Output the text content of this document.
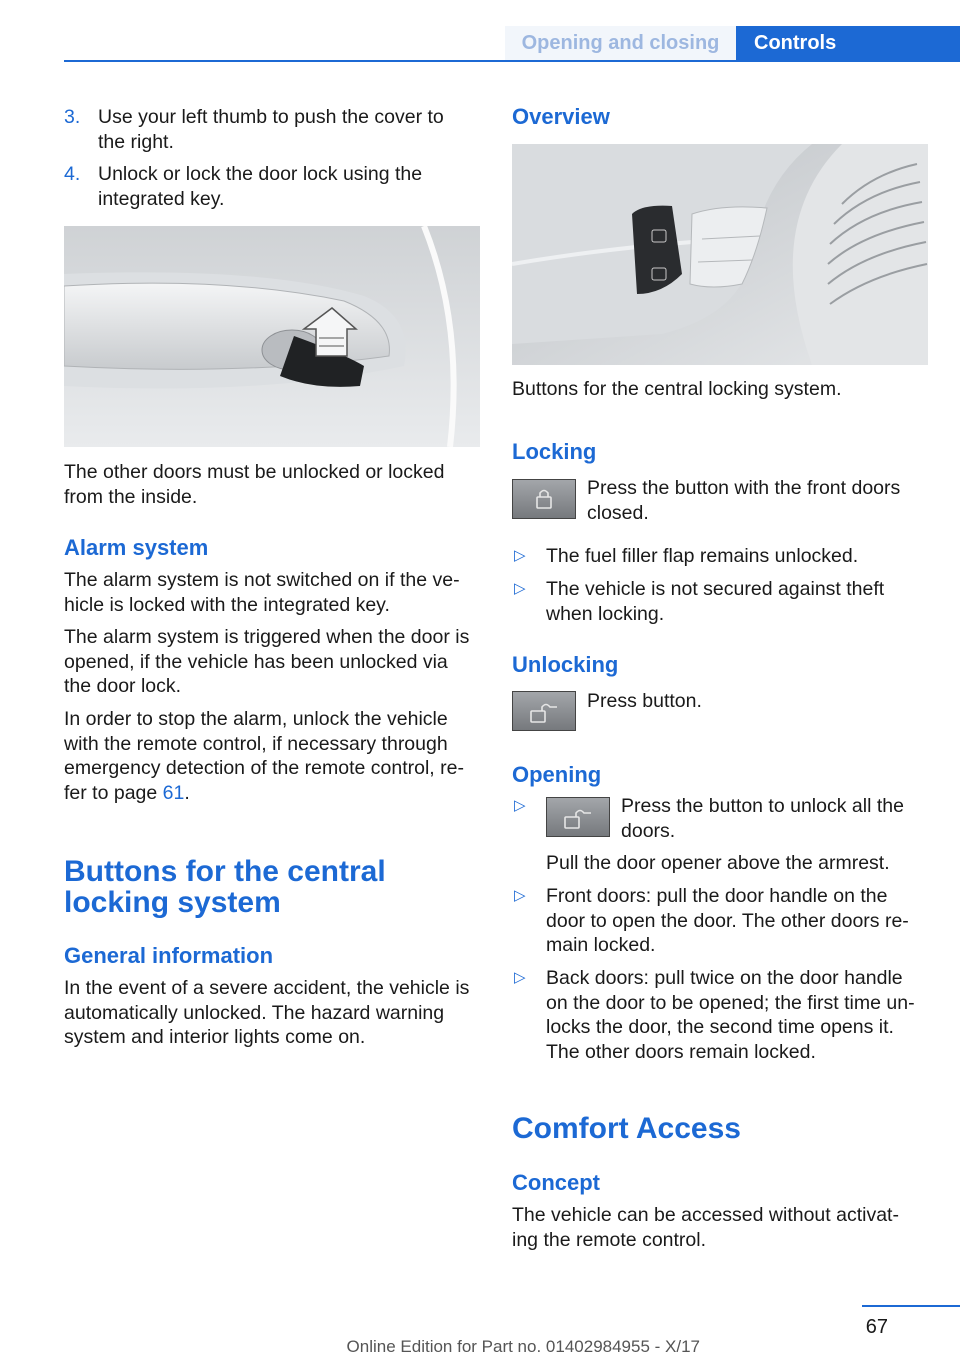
Opening and closing	Controls
3. Use your left thumb to push the cover to
the right.
4. Unlock or lock the door lock using the
integrated key.
The other doors must be unlocked or locked
from the inside.
Alarm system
The alarm system is not switched on if the ve‐
hicle is locked with the integrated key.
The alarm system is triggered when the door is
opened, if the vehicle has been unlocked via
the door lock.
In order to stop the alarm, unlock the vehicle
with the remote control, if necessary through
emergency detection of the remote control, re‐
fer to page 61.
Buttons for the central
locking system
General information
In the event of a severe accident, the vehicle is
automatically unlocked. The hazard warning
system and interior lights come on.
Overview
Buttons for the central locking system.
Locking
Press the button with the front doors
closed.
▷ The fuel filler flap remains unlocked.
▷ The vehicle is not secured against theft
when locking.
Unlocking
Press button.
Opening
▷	Press the button to unlock all the
doors.
Pull the door opener above the armrest.
▷ Front doors: pull the door handle on the
door to open the door. The other doors re‐
main locked.
▷ Back doors: pull twice on the door handle
on the door to be opened; the first time un‐
locks the door, the second time opens it.
The other doors remain locked.
Comfort Access
Concept
The vehicle can be accessed without activat‐
ing the remote control.
67
Online Edition for Part no. 01402984955 - X/17
